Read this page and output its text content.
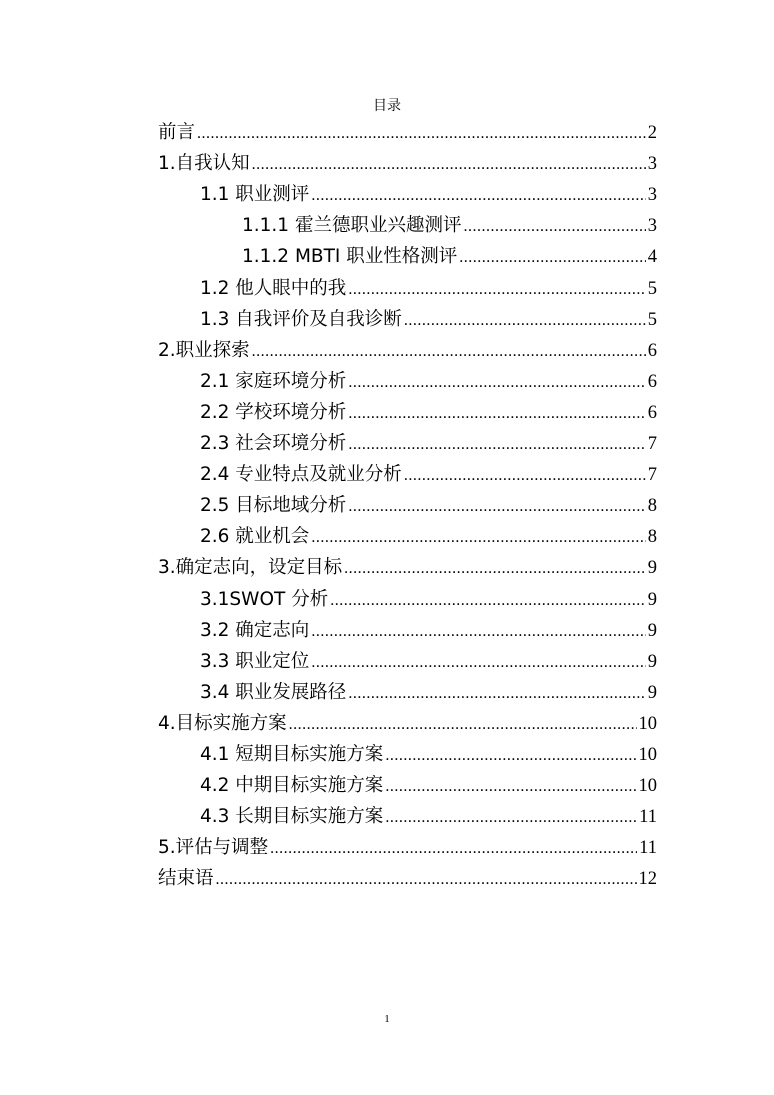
目录
前言 .....	2
1.自我认知 .....	3
1.1 职业测评 .....	3
1.1.1 霍兰德职业兴趣测评 .....	3
1.1.2 MBTI 职业性格测评 .....	4
1.2 他人眼中的我 .....	5
1.3 自我评价及自我诊断 .....	5
2.职业探索 .....	6
2.1 家庭环境分析 .....	6
2.2 学校环境分析 .....	6
2.3 社会环境分析 .....	7
2.4 专业特点及就业分析 .....	7
2.5 目标地域分析 .....	8
2.6 就业机会 .....	8
3.确定志向，设定目标 .....	9
3.1SWOT 分析 .....	9
3.2 确定志向 .....	9
3.3 职业定位 .....	9
3.4 职业发展路径 .....	9
4.目标实施方案 .....	10
4.1 短期目标实施方案 .....	10
4.2 中期目标实施方案 .....	10
4.3 长期目标实施方案 .....	11
5.评估与调整 .....	11
结束语 .....	12
1
